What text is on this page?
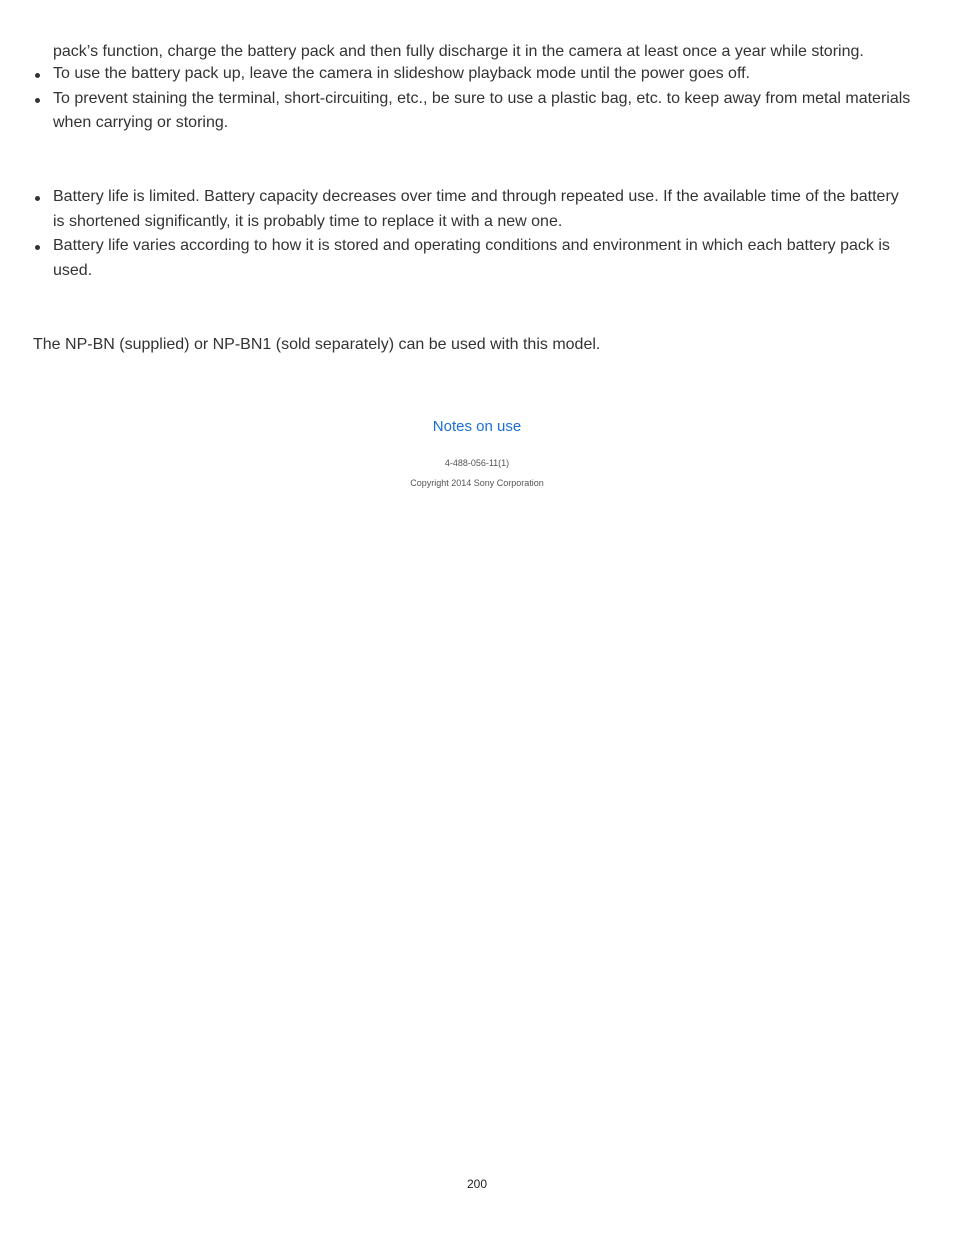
pack’s function, charge the battery pack and then fully discharge it in the camera at least once a year while storing.

To use the battery pack up, leave the camera in slideshow playback mode until the power goes off.
To prevent staining the terminal, short-circuiting, etc., be sure to use a plastic bag, etc. to keep away from metal materials when carrying or storing.
Battery life is limited. Battery capacity decreases over time and through repeated use. If the available time of the battery is shortened significantly, it is probably time to replace it with a new one.
Battery life varies according to how it is stored and operating conditions and environment in which each battery pack is used.

The NP-BN (supplied) or NP-BN1 (sold separately) can be used with this model.

Notes on use
4-488-056-11(1)
Copyright 2014 Sony Corporation
200
